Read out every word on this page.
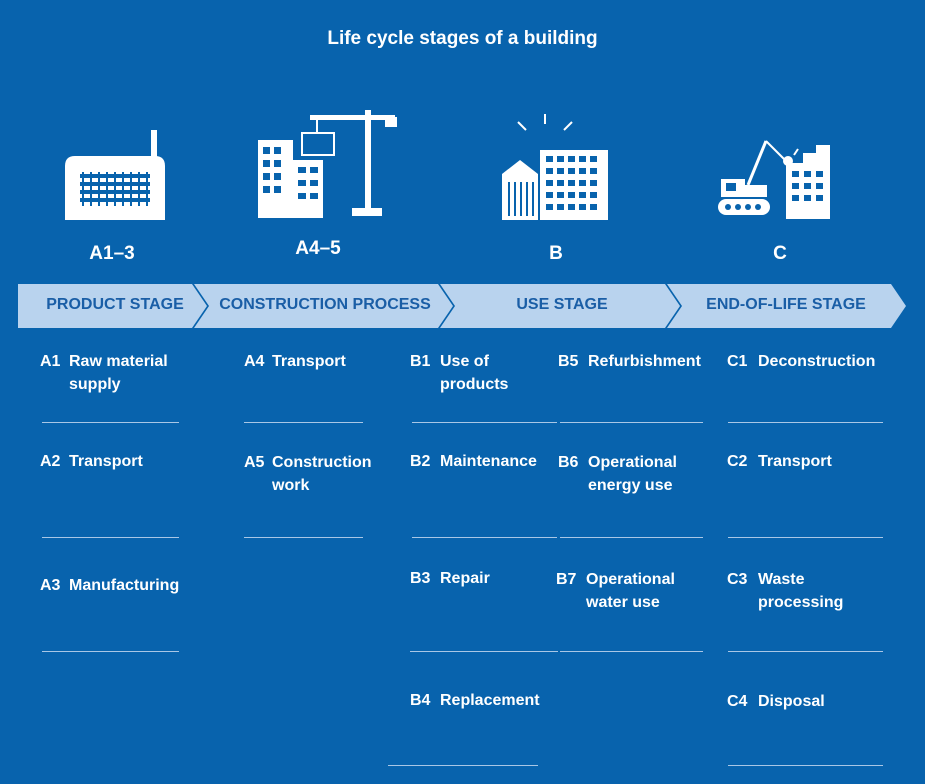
Life cycle stages of a building
A1–3	A4–5	B	C
PRODUCT STAGE	CONSTRUCTION PROCESS	USE STAGE	END-OF-LIFE STAGE
A1 Raw material supply
A2 Transport
A3 Manufacturing
A4 Transport
A5 Construction work
B1 Use of products
B2 Maintenance
B3 Repair
B4 Replacement
B5 Refurbishment
B6 Operational energy use
B7 Operational water use
C1 Deconstruction
C2 Transport
C3 Waste processing
C4 Disposal
